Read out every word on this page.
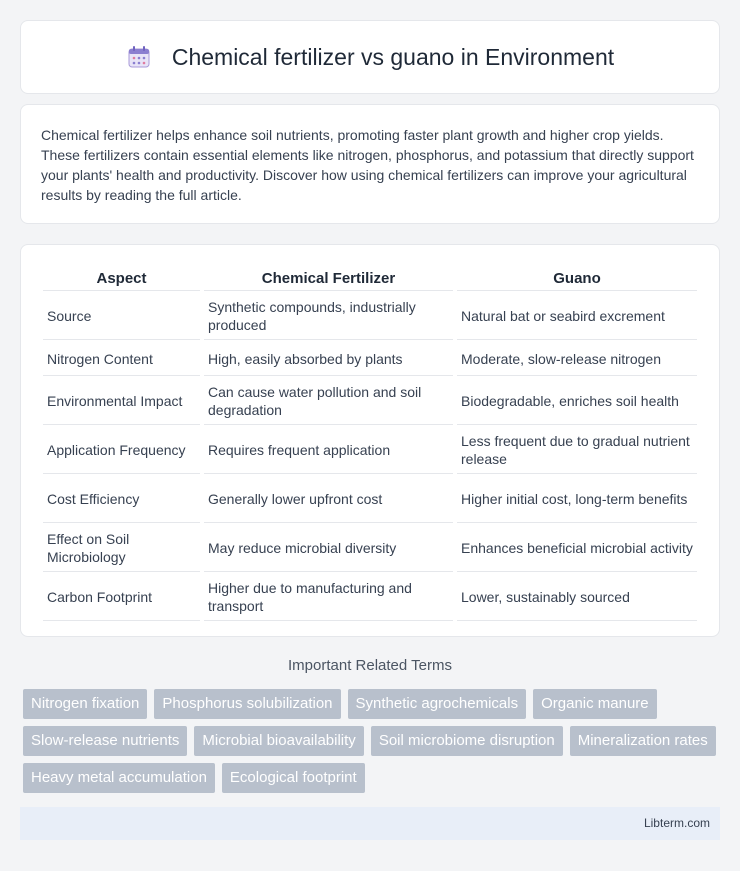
Chemical fertilizer vs guano in Environment

Chemical fertilizer helps enhance soil nutrients, promoting faster plant growth and higher crop yields. These fertilizers contain essential elements like nitrogen, phosphorus, and potassium that directly support your plants' health and productivity. Discover how using chemical fertilizers can improve your agricultural results by reading the full article.

Aspect	Chemical Fertilizer	Guano
Source	Synthetic compounds, industrially produced	Natural bat or seabird excrement
Nitrogen Content	High, easily absorbed by plants	Moderate, slow-release nitrogen
Environmental Impact	Can cause water pollution and soil degradation	Biodegradable, enriches soil health
Application Frequency	Requires frequent application	Less frequent due to gradual nutrient release
Cost Efficiency	Generally lower upfront cost	Higher initial cost, long-term benefits
Effect on Soil Microbiology	May reduce microbial diversity	Enhances beneficial microbial activity
Carbon Footprint	Higher due to manufacturing and transport	Lower, sustainably sourced
Important Related Terms
Nitrogen fixation	Phosphorus solubilization	Synthetic agrochemicals	Organic manure
Slow-release nutrients	Microbial bioavailability	Soil microbiome disruption	Mineralization rates
Heavy metal accumulation	Ecological footprint
Libterm.com
